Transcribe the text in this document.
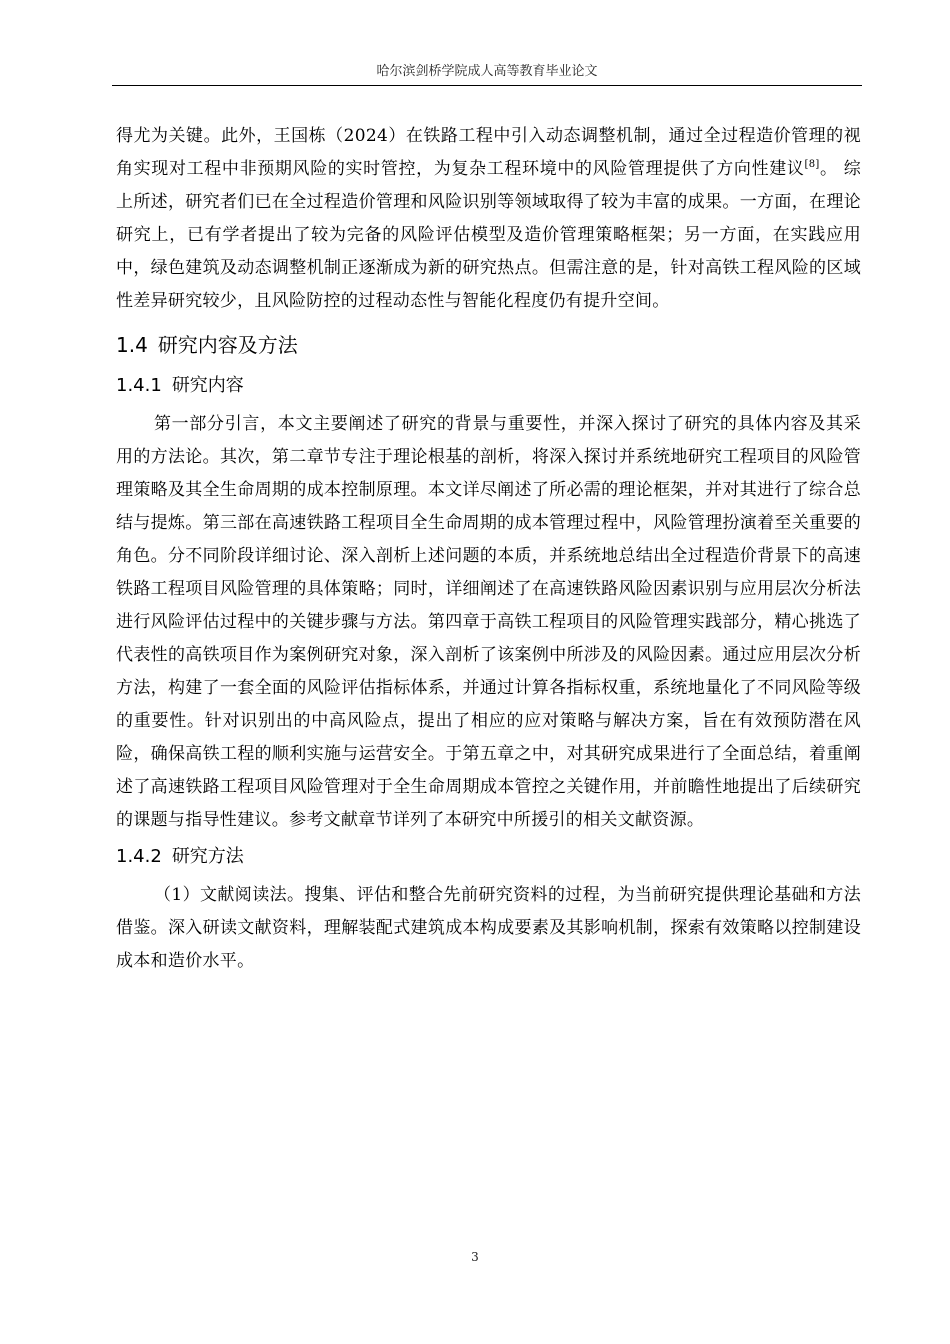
哈尔滨剑桥学院成人高等教育毕业论文

得尤为关键。此外，王国栋（2024）在铁路工程中引入动态调整机制，通过全过程造价管理的视角实现对工程中非预期风险的实时管控，为复杂工程环境中的风险管理提供了方向性建议[8]。 综上所述，研究者们已在全过程造价管理和风险识别等领域取得了较为丰富的成果。一方面，在理论研究上，已有学者提出了较为完备的风险评估模型及造价管理策略框架；另一方面，在实践应用中，绿色建筑及动态调整机制正逐渐成为新的研究热点。但需注意的是，针对高铁工程风险的区域性差异研究较少，且风险防控的过程动态性与智能化程度仍有提升空间。

1.4 研究内容及方法
1.4.1 研究内容

第一部分引言，本文主要阐述了研究的背景与重要性，并深入探讨了研究的具体内容及其采用的方法论。其次，第二章节专注于理论根基的剖析，将深入探讨并系统地研究工程项目的风险管理策略及其全生命周期的成本控制原理。本文详尽阐述了所必需的理论框架，并对其进行了综合总结与提炼。第三部在高速铁路工程项目全生命周期的成本管理过程中，风险管理扮演着至关重要的角色。分不同阶段详细讨论、深入剖析上述问题的本质，并系统地总结出全过程造价背景下的高速铁路工程项目风险管理的具体策略；同时，详细阐述了在高速铁路风险因素识别与应用层次分析法进行风险评估过程中的关键步骤与方法。第四章于高铁工程项目的风险管理实践部分，精心挑选了代表性的高铁项目作为案例研究对象，深入剖析了该案例中所涉及的风险因素。通过应用层次分析方法，构建了一套全面的风险评估指标体系，并通过计算各指标权重，系统地量化了不同风险等级的重要性。针对识别出的中高风险点，提出了相应的应对策略与解决方案，旨在有效预防潜在风险，确保高铁工程的顺利实施与运营安全。于第五章之中，对其研究成果进行了全面总结，着重阐述了高速铁路工程项目风险管理对于全生命周期成本管控之关键作用，并前瞻性地提出了后续研究的课题与指导性建议。参考文献章节详列了本研究中所援引的相关文献资源。

1.4.2 研究方法

（1）文献阅读法。搜集、评估和整合先前研究资料的过程，为当前研究提供理论基础和方法借鉴。深入研读文献资料，理解装配式建筑成本构成要素及其影响机制，探索有效策略以控制建设成本和造价水平。

3
